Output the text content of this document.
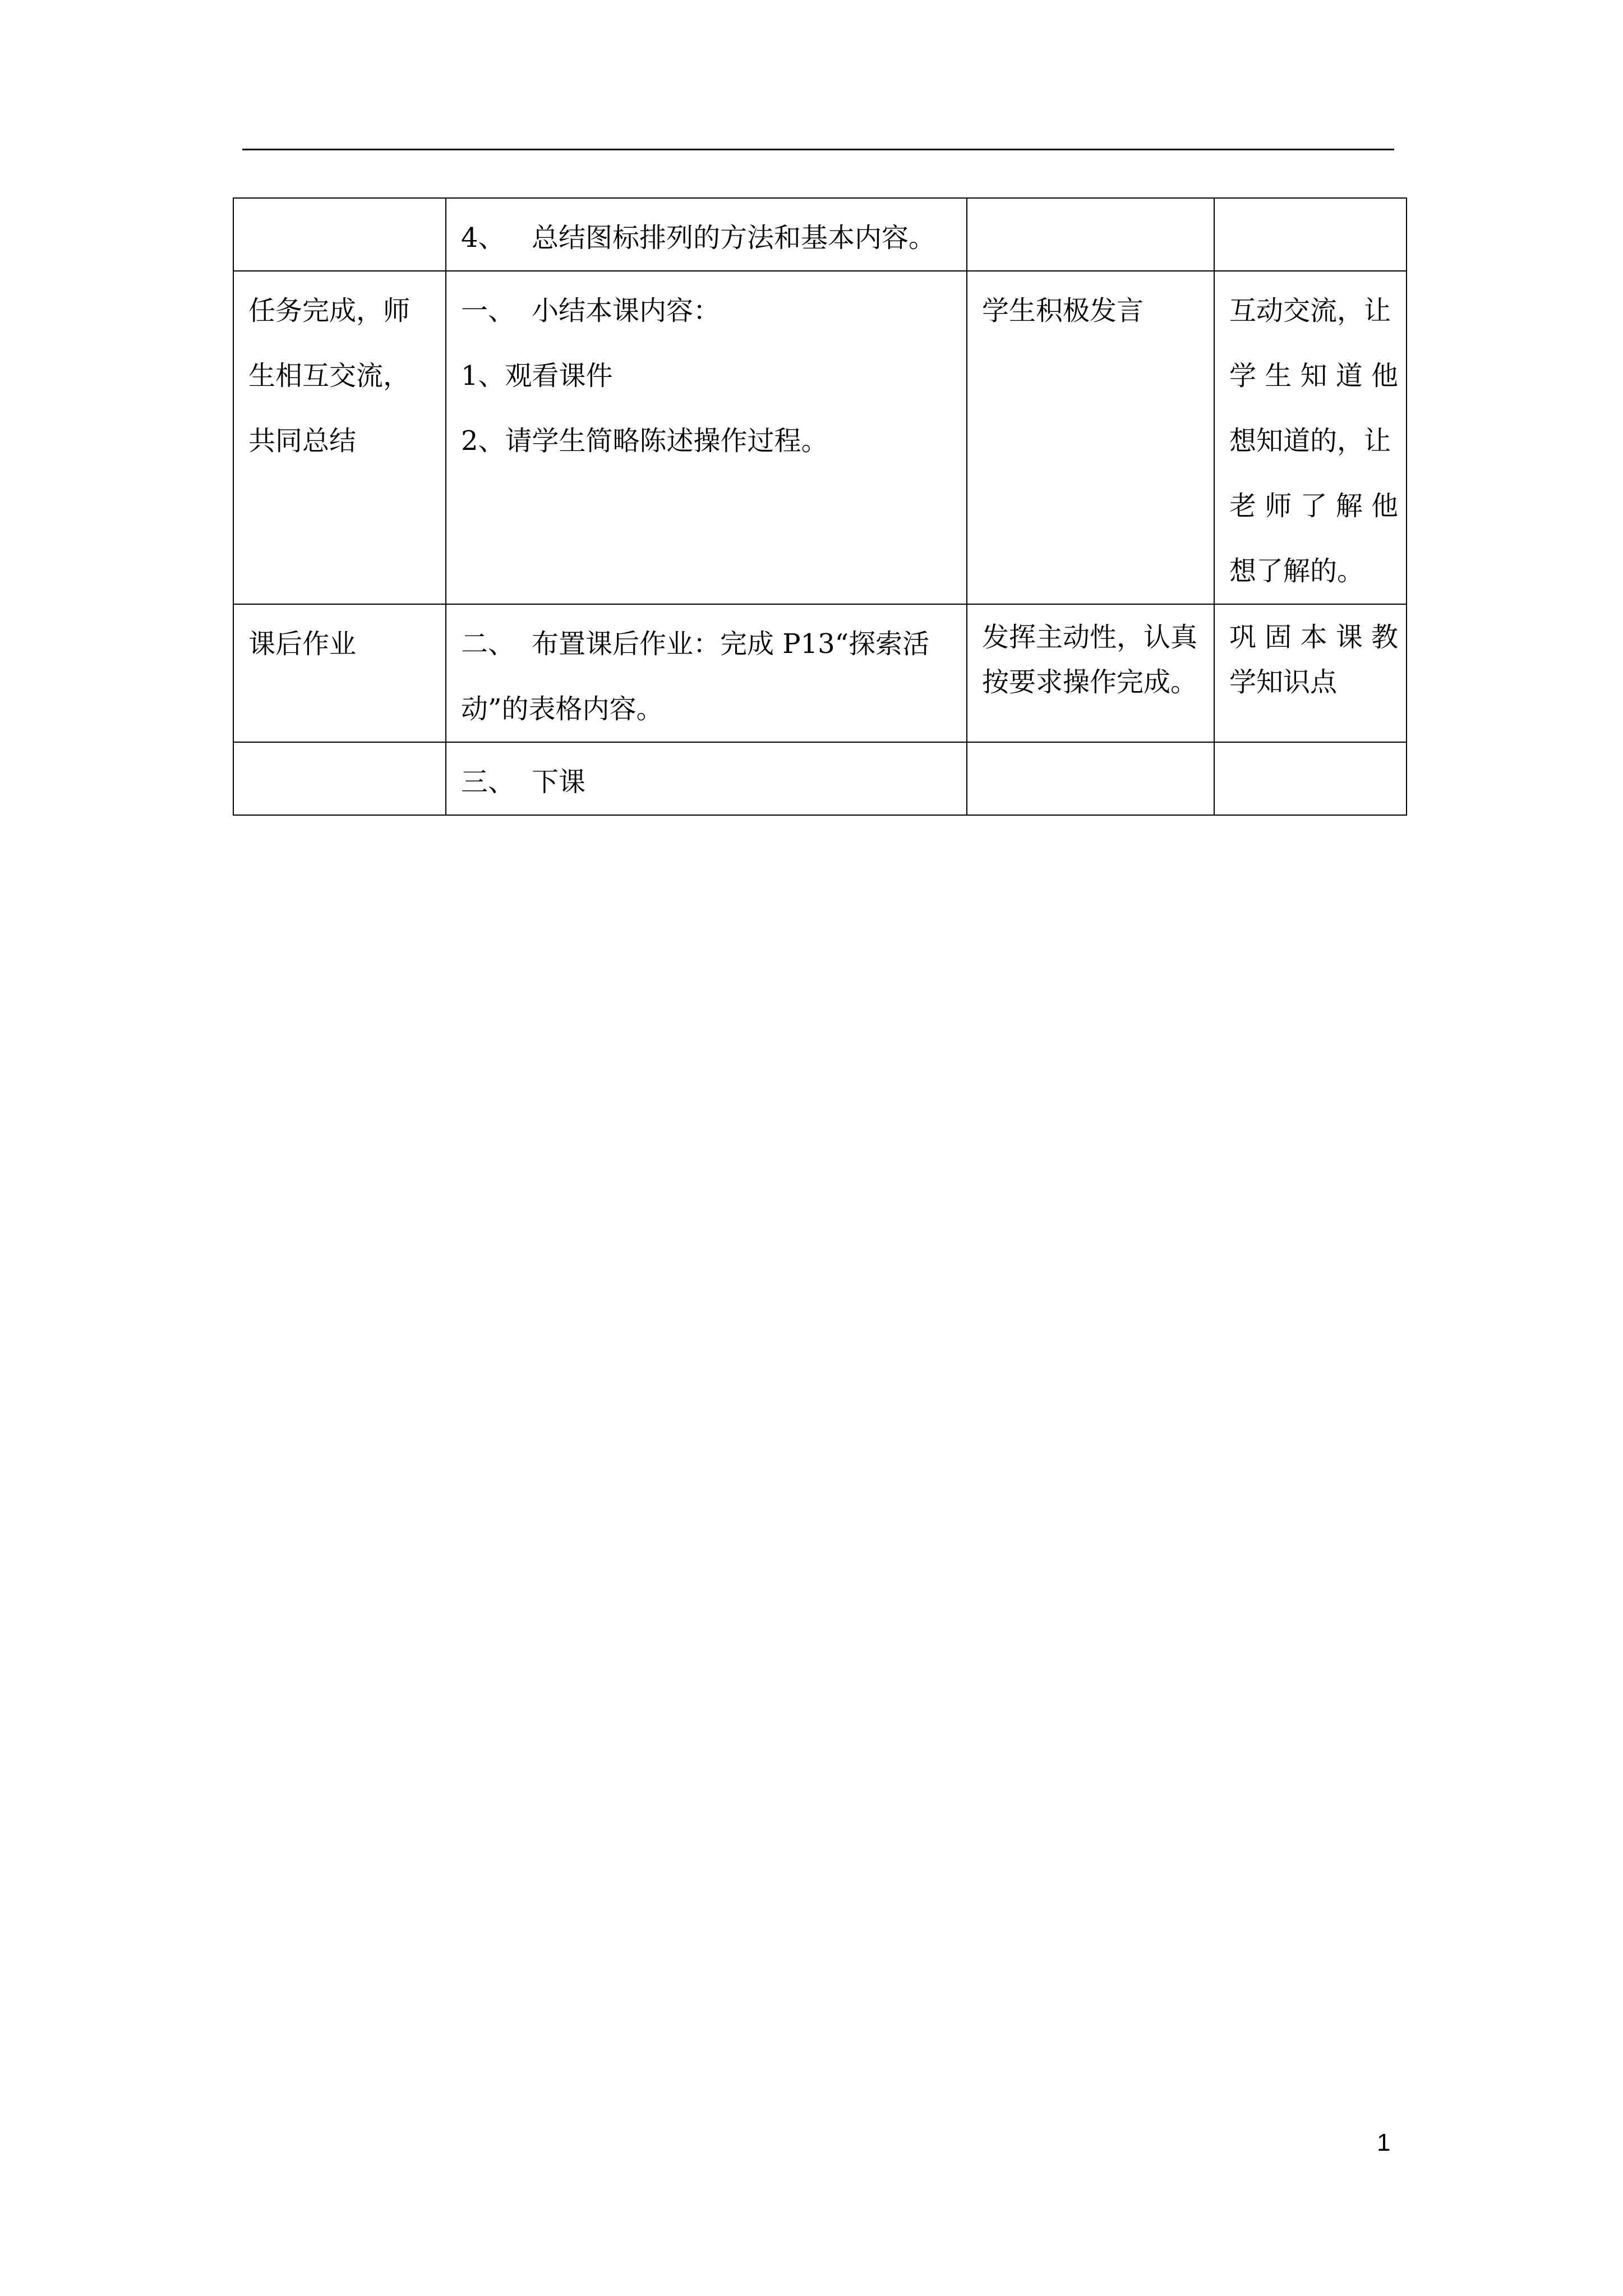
	4、 总结图标排列的方法和基本内容。		

任务完成，师
生相互交流，
共同总结	一、 小结本课内容：
1、观看课件
2、请学生简略陈述操作过程。	学生积极发言	互动交流，让
学 生 知 道 他
想知道的，让
老 师 了 解 他
想了解的。

课后作业	二、 布置课后作业：完成 P13“探索活
动”的表格内容。	发挥主动性，认真
按要求操作完成。	巩 固 本 课 教
学知识点

	三、 下课		

1
